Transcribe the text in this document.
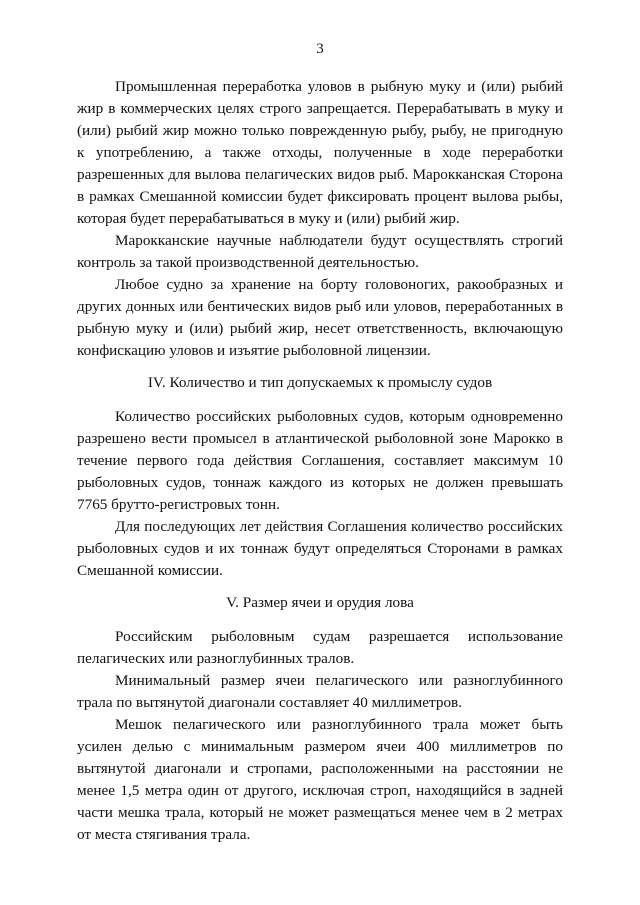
3

Промышленная переработка уловов в рыбную муку и (или) рыбий жир в коммерческих целях строго запрещается. Перерабатывать в муку и (или) рыбий жир можно только поврежденную рыбу, рыбу, не пригодную к употреблению, а также отходы, полученные в ходе переработки разрешенных для вылова пелагических видов рыб. Марокканская Сторона в рамках Смешанной комиссии будет фиксировать процент вылова рыбы, которая будет перерабатываться в муку и (или) рыбий жир.

Марокканские научные наблюдатели будут осуществлять строгий контроль за такой производственной деятельностью.

Любое судно за хранение на борту головоногих, ракообразных и других донных или бентических видов рыб или уловов, переработанных в рыбную муку и (или) рыбий жир, несет ответственность, включающую конфискацию уловов и изъятие рыболовной лицензии.

IV. Количество и тип допускаемых к промыслу судов

Количество российских рыболовных судов, которым одновременно разрешено вести промысел в атлантической рыболовной зоне Марокко в течение первого года действия Соглашения, составляет максимум 10 рыболовных судов, тоннаж каждого из которых не должен превышать 7765 брутто-регистровых тонн.

Для последующих лет действия Соглашения количество российских рыболовных судов и их тоннаж будут определяться Сторонами в рамках Смешанной комиссии.

V. Размер ячеи и орудия лова

Российским рыболовным судам разрешается использование пелагических или разноглубинных тралов.

Минимальный размер ячеи пелагического или разноглубинного трала по вытянутой диагонали составляет 40 миллиметров.

Мешок пелагического или разноглубинного трала может быть усилен делью с минимальным размером ячеи 400 миллиметров по вытянутой диагонали и стропами, расположенными на расстоянии не менее 1,5 метра один от другого, исключая строп, находящийся в задней части мешка трала, который не может размещаться менее чем в 2 метрах от места стягивания трала.
